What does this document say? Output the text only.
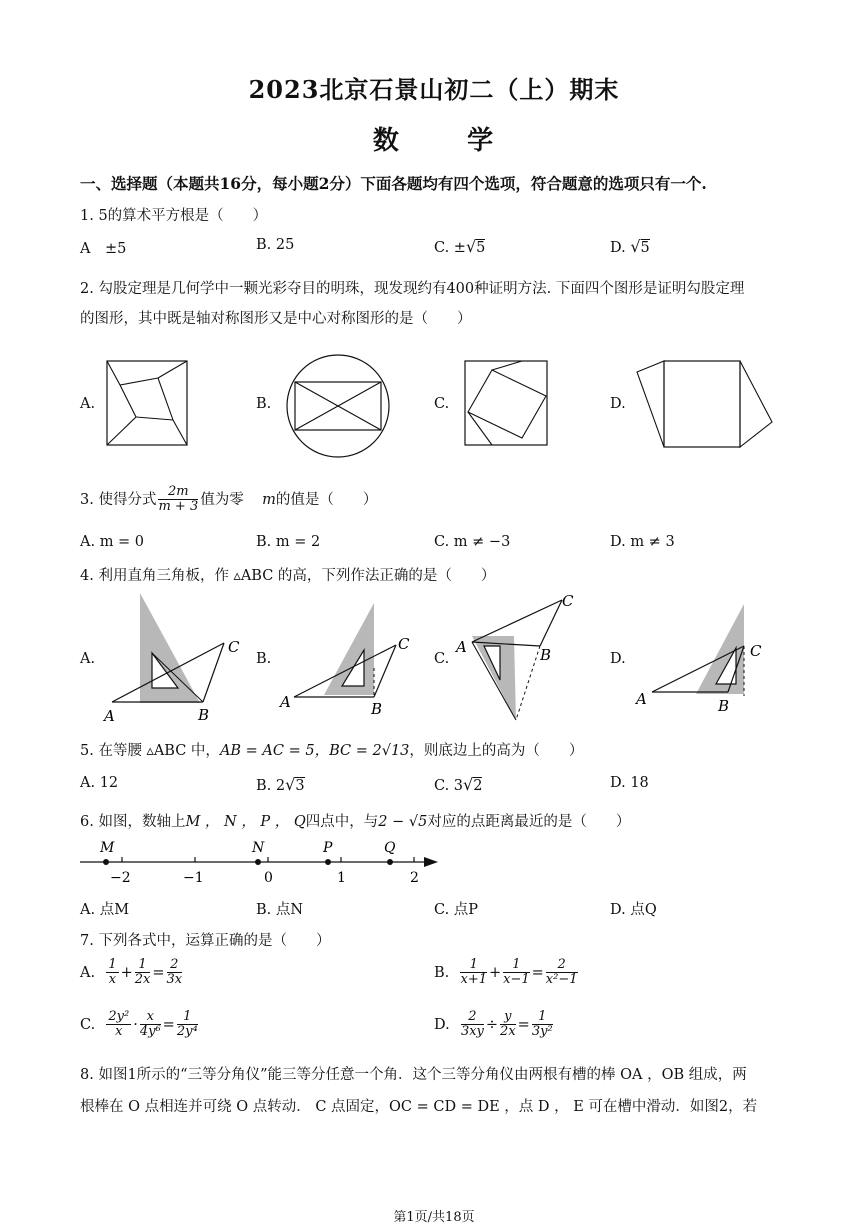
2023北京石景山初二（上）期末
数      学
一、选择题（本题共16分，每小题2分）下面各题均有四个选项，符合题意的选项只有一个.
1. 5的算术平方根是（　　）
A　±5	B. 25	C. ±√5	D. √5
2. 勾股定理是几何学中一颗光彩夺目的明珠，现发现约有400种证明方法. 下面四个图形是证明勾股定理
的图形，其中既是轴对称图形又是中心对称图形的是（　　）
A.	B.	C.	D.
3. 使得分式 $\frac{2m}{m + 3}$ 值为零 m的值是（　　）
A. m = 0	B. m = 2	C. m ≠ −3	D. m ≠ 3
4. 利用直角三角板，作 ▵ABC 的高，下列作法正确的是（　　）
A.	B.	C.	D.
A	B
C
A	B
C	A	B
C
A	B
C
5. 在等腰 ▵ABC 中，AB = AC = 5，BC = 2√13，则底边上的高为（　　）
A. 12	B. 2√3	C. 3√2	D. 18
6. 如图，数轴上M ， N ， P ， Q四点中，与2 − √5对应的点距离最近的是（　　）
M	N	P	Q
−2	−1	0	1	2
A. 点M	B. 点N	C. 点P	D. 点Q
7. 下列各式中，运算正确的是（　　）
A. $\frac{1}{x} + \frac{1}{2x} = \frac{2}{3x}$	B. $\frac{1}{x+1} + \frac{1}{x-1} = \frac{2}{\text{x²−1}}$
C. $\frac{\text{2y²}}{x} \cdot \frac{x}{\text{4y⁶}} = \frac{1}{\text{2y⁴}}$	D. $\frac{2}{3xy} \div \frac{y}{2x} = \frac{1}{\text{3y²}}$
8. 如图1所示的“三等分角仪”能三等分任意一个角．这个三等分角仪由两根有槽的棒 OA ，OB 组成，两
根棒在 O 点相连并可绕 O 点转动． C 点固定，OC = CD = DE ，点 D ， E 可在槽中滑动．如图2，若
第1页/共18页
